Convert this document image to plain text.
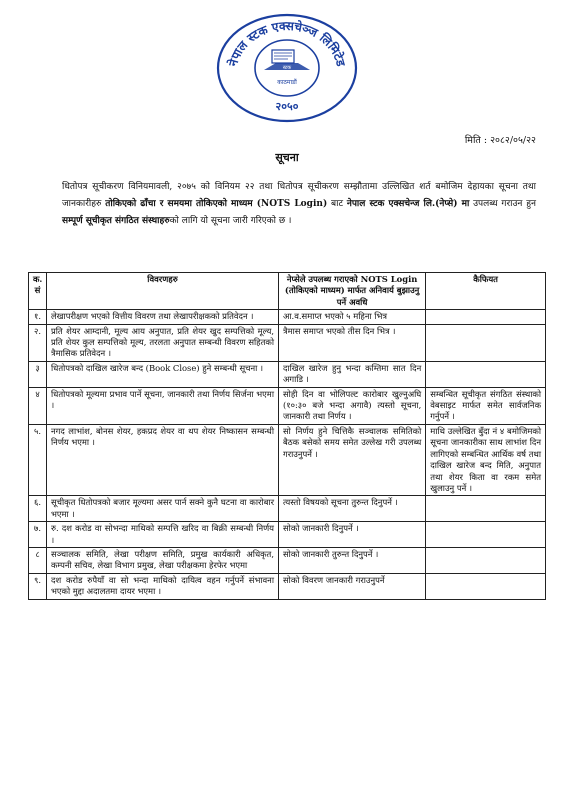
नेपाल स्टक एक्सचेञ्ज लिमिटेड
स्टक
काठमाडौं
२०५०
मिति : २०८२/०५/२२
सूचना
धितोपत्र सूचीकरण विनियमावली, २०७५ को विनियम २२ तथा धितोपत्र सूचीकरण सम्झौतामा उल्लिखित शर्त बमोजिम देहायका सूचना तथा जानकारीहरु तोकिएको ढाँचा र समयमा तोकिएको माध्यम (NOTS Login) बाट नेपाल स्टक एक्सचेन्ज लि.(नेप्से) मा उपलब्ध गराउन हुन सम्पूर्ण सूचीकृत संगठित संस्थाहरुको लागि यो सूचना जारी गरिएको छ ।
क. सं	विवरणहरु	नेप्सेले उपलब्ध गराएको NOTS Login (तोकिएको माध्यम) मार्फत अनिवार्य बुझाउनु पर्ने अवधि	कैफियत
१.	लेखापरीक्षण भएको वित्तीय विवरण तथा लेखापरीक्षकको प्रतिवेदन ।	आ.व.समाप्त भएको ५ महिना भित्र	
२.	प्रति शेयर आम्दानी, मूल्य आय अनुपात, प्रति शेयर खुद सम्पत्तिको मूल्य, प्रति शेयर कुल सम्पत्तिको मूल्य, तरलता अनुपात सम्बन्धी विवरण सहितको त्रैमासिक प्रतिवेदन ।	त्रैमास समाप्त भएको तीस दिन भित्र ।	
३	धितोपत्रको दाखिल खारेज बन्द (Book Close) हुने सम्बन्धी सूचना ।	दाखिल खारेज हुनु भन्दा कम्तिमा सात दिन अगाडि ।	
४	धितोपत्रको मूल्यमा प्रभाव पार्ने सूचना, जानकारी तथा निर्णय सिर्जना भएमा ।	सोही दिन वा भोलिपल्ट कारोबार खुल्नुअघि (१०:३० बजे भन्दा अगावै) त्यस्तो सूचना, जानकारी तथा निर्णय ।	सम्बन्धित सूचीकृत संगठित संस्थाको वेबसाइट मार्फत समेत सार्वजनिक गर्नुपर्ने ।
५.	नगद लाभांश, बोनस शेयर, हकप्रद शेयर वा थप शेयर निष्कासन सम्बन्धी निर्णय भएमा ।	सो निर्णय हुने चित्तिकै सञ्चालक समितिको बैठक बसेको समय समेत उल्लेख गरी उपलब्ध गराउनुपर्ने ।	माथि उल्लेखित बुँदा नं ४ बमोजिमको सूचना जानकारीका साथ लाभांश दिन लागिएको सम्बन्धित आर्थिक वर्ष तथा दाखिल खारेज बन्द मिति, अनुपात तथा शेयर किता वा रकम समेत खुलाउनु पर्ने ।
६.	सूचीकृत धितोपत्रको बजार मूल्यमा असर पार्न सक्ने कुनै घटना वा कारोबार भएमा ।	त्यस्तो विषयको सूचना तुरुन्त दिनुपर्ने ।	
७.	रु. दश करोड वा सोभन्दा माथिको सम्पत्ति खरिद वा बिक्री सम्बन्धी निर्णय ।	सोको जानकारी दिनुपर्ने ।	
८	सञ्चालक समिति, लेखा परीक्षण समिति, प्रमुख कार्यकारी अधिकृत, कम्पनी सचिव, लेखा विभाग प्रमुख, लेखा परीक्षकमा हेरफेर भएमा	सोको जानकारी तुरुन्त दिनुपर्ने ।	
९.	दश करोड रुपैयाँ वा सो भन्दा माथिको दायित्व वहन गर्नुपर्ने संभावना भएको मुद्दा अदालतमा दायर भएमा ।	सोको विवरण जानकारी गराउनुपर्ने	
